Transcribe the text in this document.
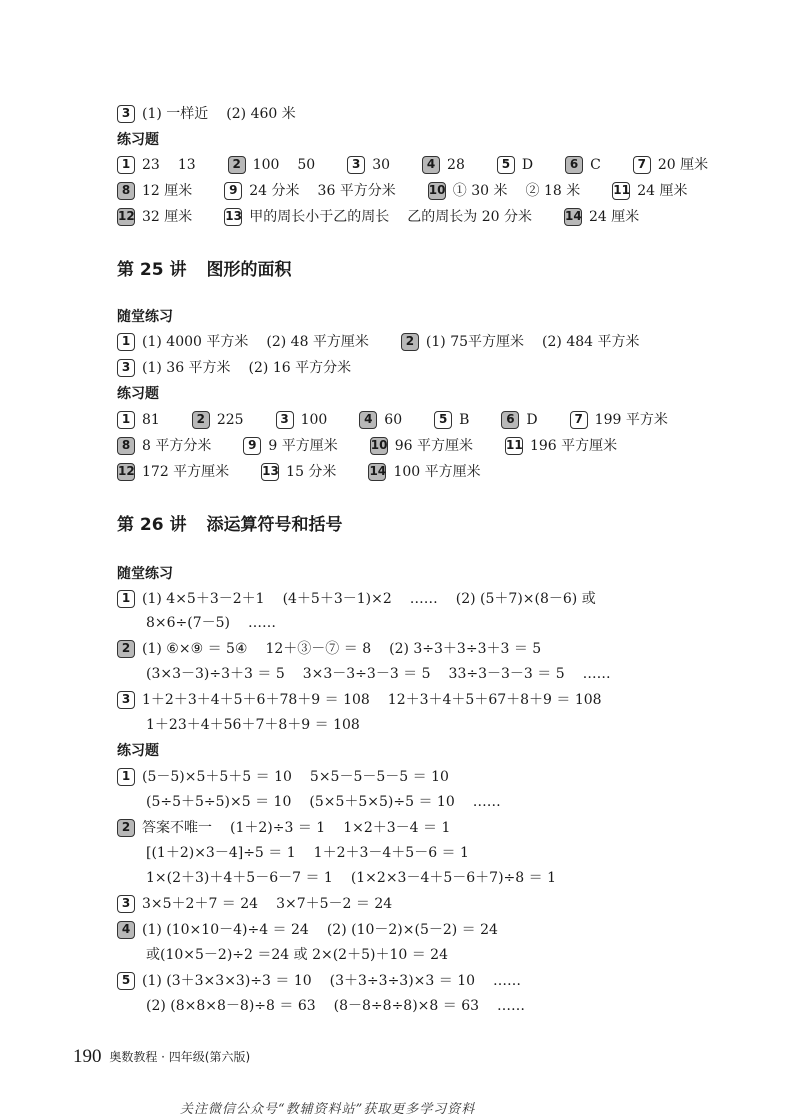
3 (1) 一样近 (2) 460 米
练习题
1 23 13	2 100 50	3 30	4 28	5 D	6 C	7 20 厘米
8 12 厘米	9 24 分米 36 平方分米	10 ① 30 米 ② 18 米	11 24 厘米
12 32 厘米	13 甲的周长小于乙的周长 乙的周长为 20 分米	14 24 厘米
第 25 讲 图形的面积
随堂练习
1 (1) 4000 平方米 (2) 48 平方厘米	2 (1) 75平方厘米 (2) 484 平方米
3 (1) 36 平方米 (2) 16 平方分米
练习题
1 81	2 225	3 100	4 60	5 B	6 D	7 199 平方米
8 8 平方分米	9 9 平方厘米	10 96 平方厘米	11 196 平方厘米
12 172 平方厘米	13 15 分米	14 100 平方厘米
第 26 讲 添运算符号和括号
随堂练习
1 (1) 4×5＋3－2＋1 (4＋5＋3－1)×2 …… (2) (5＋7)×(8－6) 或
8×6÷(7－5) ……
2 (1) ⑥×⑨ ＝ 5④ 12＋③－⑦ ＝ 8 (2) 3÷3＋3÷3＋3 ＝ 5
(3×3－3)÷3＋3 ＝ 5 3×3－3÷3－3 ＝ 5 33÷3－3－3 ＝ 5 ……
3 1＋2＋3＋4＋5＋6＋78＋9 ＝ 108 12＋3＋4＋5＋67＋8＋9 ＝ 108
1＋23＋4＋56＋7＋8＋9 ＝ 108
练习题
1 (5－5)×5＋5＋5 ＝ 10 5×5－5－5－5 ＝ 10
(5÷5＋5÷5)×5 ＝ 10 (5×5＋5×5)÷5 ＝ 10 ……
2 答案不唯一 (1＋2)÷3 ＝ 1 1×2＋3－4 ＝ 1
[(1＋2)×3－4]÷5 ＝ 1 1＋2＋3－4＋5－6 ＝ 1
1×(2＋3)＋4＋5－6－7 ＝ 1 (1×2×3－4＋5－6＋7)÷8 ＝ 1
3 3×5＋2＋7 ＝ 24 3×7＋5－2 ＝ 24
4 (1) (10×10－4)÷4 ＝ 24 (2) (10－2)×(5－2) ＝ 24
或(10×5－2)÷2 ＝24 或 2×(2＋5)＋10 ＝ 24
5 (1) (3＋3×3×3)÷3 ＝ 10 (3＋3÷3÷3)×3 ＝ 10 ……
(2) (8×8×8－8)÷8 ＝ 63 (8－8÷8÷8)×8 ＝ 63 ……
190 奥数教程 · 四年级(第六版)
关注微信公众号“教辅资料站”获取更多学习资料
